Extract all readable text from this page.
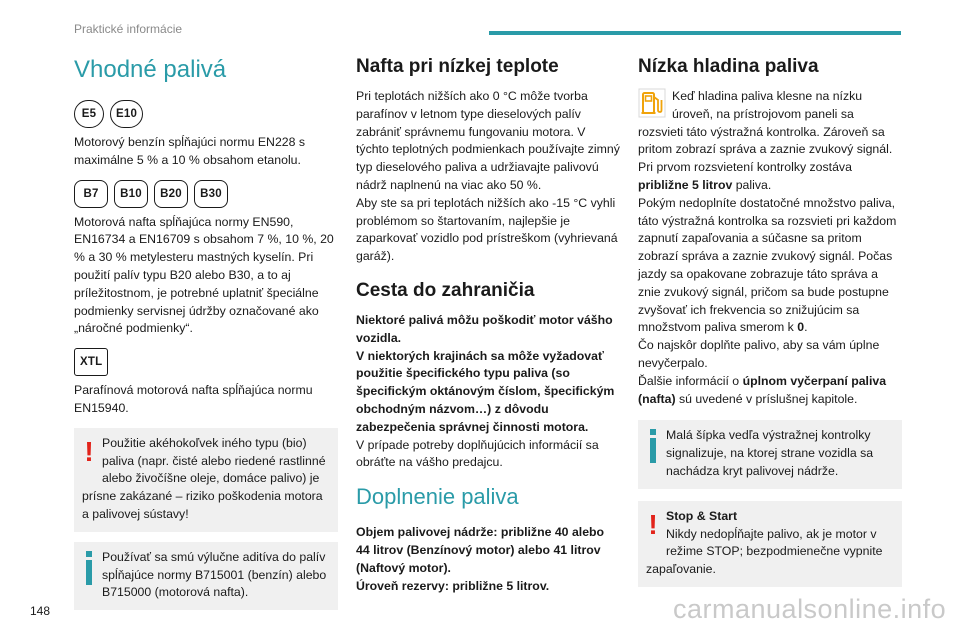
Praktické informácie
Vhodné palivá
E5	E10

Motorový benzín spĺňajúci normu EN228 s maximálne 5 % a 10 % obsahom etanolu.

B7	B10	B20	B30

Motorová nafta spĺňajúca normy EN590, EN16734 a EN16709 s obsahom 7 %, 10 %, 20 % a 30 % metylesteru mastných kyselín. Pri použití palív typu B20 alebo B30, a to aj príležitostnom, je potrebné uplatniť špeciálne podmienky servisnej údržby označované ako „náročné podmienky“.

XTL

Parafínová motorová nafta spĺňajúca normu EN15940.

! Použitie akéhokoľvek iného typu (bio) paliva (napr. čisté alebo riedené rastlinné alebo živočíšne oleje, domáce palivo) je prísne zakázané – riziko poškodenia motora a palivovej sústavy!
Používať sa smú výlučne aditíva do palív spĺňajúce normy B715001 (benzín) alebo B715000 (motorová nafta).
Nafta pri nízkej teplote

Pri teplotách nižších ako 0 °C môže tvorba parafínov v letnom type dieselových palív zabrániť správnemu fungovaniu motora. V týchto teplotných podmienkach používajte zimný typ dieselového paliva a udržiavajte palivovú nádrž naplnenú na viac ako 50 %.

Aby ste sa pri teplotách nižších ako -15 °C vyhli problémom so štartovaním, najlepšie je zaparkovať vozidlo pod prístreškom (vyhrievaná garáž).

Cesta do zahraničia

Niektoré palivá môžu poškodiť motor vášho vozidla.
V niektorých krajinách sa môže vyžadovať použitie špecifického typu paliva (so špecifickým oktánovým číslom, špecifickým obchodným názvom…) z dôvodu zabezpečenia správnej činnosti motora.

V prípade potreby doplňujúcich informácií sa obráťte na vášho predajcu.

Doplnenie paliva

Objem palivovej nádrže: približne 40 alebo 44 litrov (Benzínový motor) alebo 41 litrov (Naftový motor).
Úroveň rezervy: približne 5 litrov.

Nízka hladina paliva

Keď hladina paliva klesne na nízku úroveň, na prístrojovom paneli sa rozsvieti táto výstražná kontrolka. Zároveň sa pritom zobrazí správa a zaznie zvukový signál.

Pri prvom rozsvietení kontrolky zostáva približne 5 litrov paliva.

Pokým nedoplníte dostatočné množstvo paliva, táto výstražná kontrolka sa rozsvieti pri každom zapnutí zapaľovania a súčasne sa pritom zobrazí správa a zaznie zvukový signál. Počas jazdy sa opakovane zobrazuje táto správa a znie zvukový signál, pričom sa bude postupne zvyšovať ich frekvencia so znižujúcim sa množstvom paliva smerom k 0.

Čo najskôr doplňte palivo, aby sa vám úplne nevyčerpalo.

Ďalšie informácií o úplnom vyčerpaní paliva (nafta) sú uvedené v príslušnej kapitole.

Malá šípka vedľa výstražnej kontrolky signalizuje, na ktorej strane vozidla sa nachádza kryt palivovej nádrže.
! Stop & Start
Nikdy nedopĺňajte palivo, ak je motor v režime STOP; bezpodmienečne vypnite zapaľovanie.
148	carmanualsonline.info
